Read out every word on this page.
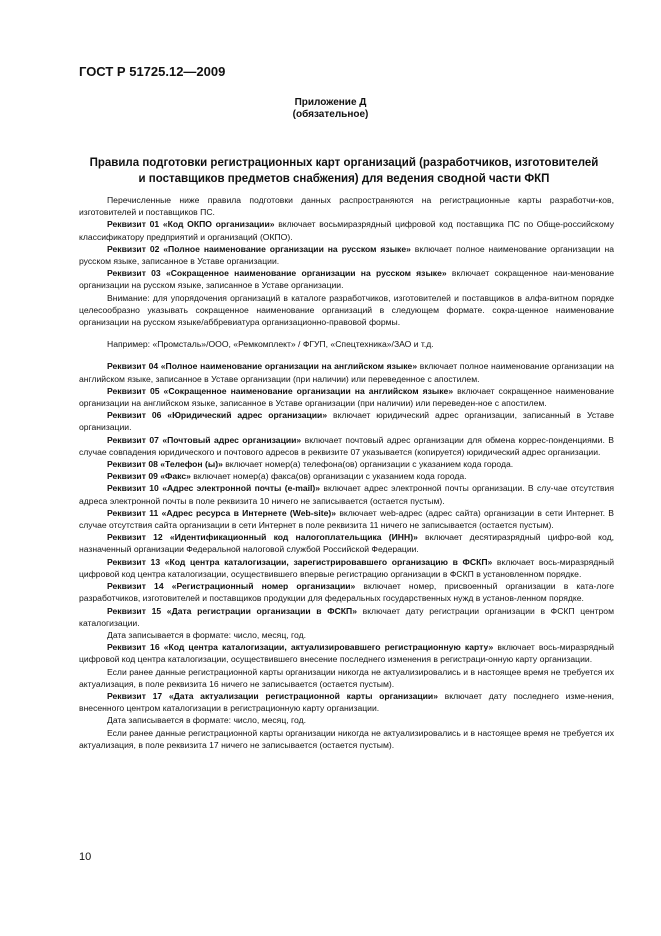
ГОСТ Р 51725.12—2009
Приложение Д
(обязательное)
Правила подготовки регистрационных карт организаций (разработчиков, изготовителей
и поставщиков предметов снабжения) для ведения сводной части ФКП

Перечисленные ниже правила подготовки данных распространяются на регистрационные карты разработчи-ков, изготовителей и поставщиков ПС.

Реквизит 01 «Код ОКПО организации» включает восьмиразрядный цифровой код поставщика ПС по Обще-российскому классификатору предприятий и организаций (ОКПО).

Реквизит 02 «Полное наименование организации на русском языке» включает полное наименование организации на русском языке, записанное в Уставе организации.

Реквизит 03 «Сокращенное наименование организации на русском языке» включает сокращенное наи-менование организации на русском языке, записанное в Уставе организации.

Внимание: для упорядочения организаций в каталоге разработчиков, изготовителей и поставщиков в алфа-витном порядке целесообразно указывать сокращенное наименование организаций в следующем формате. сокра-щенное наименование организации на русском языке/аббревиатура организационно-правовой формы.

Например: «Промсталь»/ООО, «Ремкомплект» / ФГУП, «Спецтехника»/ЗАО и т.д.

Реквизит 04 «Полное наименование организации на английском языке» включает полное наименование организации на английском языке, записанное в Уставе организации (при наличии) или переведенное с апостилем.

Реквизит 05 «Сокращенное наименование организации на английском языке» включает сокращенное наименование организации на английском языке, записанное в Уставе организации (при наличии) или переведен-ное с апостилем.

Реквизит 06 «Юридический адрес организации» включает юридический адрес организации, записанный в Уставе организации.

Реквизит 07 «Почтовый адрес организации» включает почтовый адрес организации для обмена коррес-понденциями. В случае совпадения юридического и почтового адресов в реквизите 07 указывается (копируется) юридический адрес организации.

Реквизит 08 «Телефон (ы)» включает номер(а) телефона(ов) организации с указанием кода города.

Реквизит 09 «Факс» включает номер(а) факса(ов) организации с указанием кода города.

Реквизит 10 «Адрес электронной почты (e-mail)» включает адрес электронной почты организации. В слу-чае отсутствия адреса электронной почты в поле реквизита 10 ничего не записывается (остается пустым).

Реквизит 11 «Адрес ресурса в Интернете (Web-site)» включает web-адрес (адрес сайта) организации в сети Интернет. В случае отсутствия сайта организации в сети Интернет в поле реквизита 11 ничего не записывается (остается пустым).

Реквизит 12 «Идентификационный код налогоплательщика (ИНН)» включает десятиразрядный цифро-вой код, назначенный организации Федеральной налоговой службой Российской Федерации.

Реквизит 13 «Код центра каталогизации, зарегистрировавшего организацию в ФСКП» включает вось-миразрядный цифровой код центра каталогизации, осуществившего впервые регистрацию организации в ФСКП в установленном порядке.

Реквизит 14 «Регистрационный номер организации» включает номер, присвоенный организации в ката-логе разработчиков, изготовителей и поставщиков продукции для федеральных государственных нужд в установ-ленном порядке.

Реквизит 15 «Дата регистрации организации в ФСКП» включает дату регистрации организации в ФСКП центром каталогизации.

Дата записывается в формате: число, месяц, год.

Реквизит 16 «Код центра каталогизации, актуализировавшего регистрационную карту» включает вось-миразрядный цифровой код центра каталогизации, осуществившего внесение последнего изменения в регистраци-онную карту организации.

Если ранее данные регистрационной карты организации никогда не актуализировались и в настоящее время не требуется их актуализация, в поле реквизита 16 ничего не записывается (остается пустым).

Реквизит 17 «Дата актуализации регистрационной карты организации» включает дату последнего изме-нения, внесенного центром каталогизации в регистрационную карту организации.

Дата записывается в формате: число, месяц, год.

Если ранее данные регистрационной карты организации никогда не актуализировались и в настоящее время не требуется их актуализация, в поле реквизита 17 ничего не записывается (остается пустым).

10
